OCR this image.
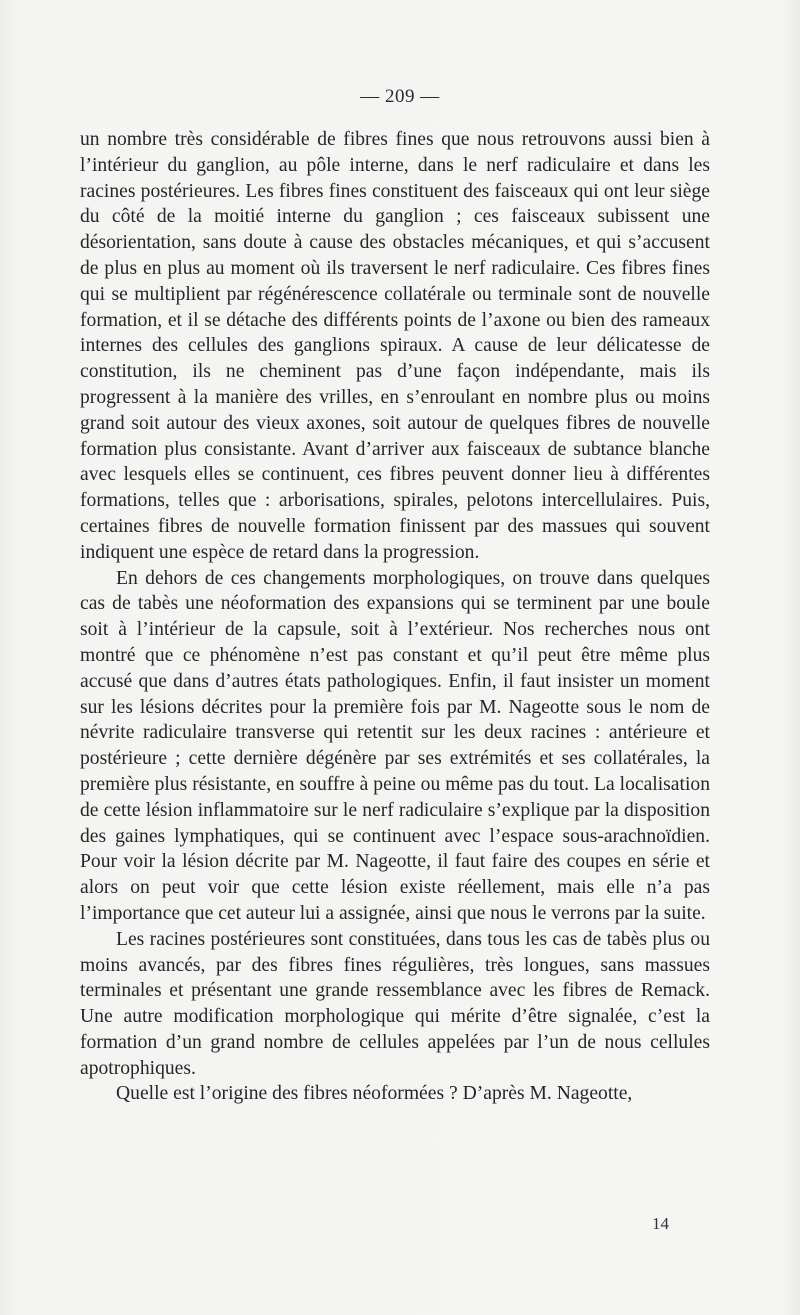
— 209 —

un nombre très considérable de fibres fines que nous retrouvons aussi bien à l’intérieur du ganglion, au pôle interne, dans le nerf radiculaire et dans les racines postérieures. Les fibres fines constituent des faisceaux qui ont leur siège du côté de la moitié interne du ganglion ; ces faisceaux subissent une désorientation, sans doute à cause des obstacles mécaniques, et qui s’accusent de plus en plus au moment où ils traversent le nerf radiculaire. Ces fibres fines qui se multiplient par régénérescence collatérale ou terminale sont de nouvelle formation, et il se détache des différents points de l’axone ou bien des rameaux internes des cellules des ganglions spiraux. A cause de leur délicatesse de constitution, ils ne cheminent pas d’une façon indépendante, mais ils progressent à la manière des vrilles, en s’enroulant en nombre plus ou moins grand soit autour des vieux axones, soit autour de quelques fibres de nouvelle formation plus consistante. Avant d’arriver aux faisceaux de subtance blanche avec lesquels elles se continuent, ces fibres peuvent donner lieu à différentes formations, telles que : arborisations, spirales, pelotons intercellulaires. Puis, certaines fibres de nouvelle formation finissent par des massues qui souvent indiquent une espèce de retard dans la progression.

En dehors de ces changements morphologiques, on trouve dans quelques cas de tabès une néoformation des expansions qui se terminent par une boule soit à l’intérieur de la capsule, soit à l’extérieur. Nos recherches nous ont montré que ce phénomène n’est pas constant et qu’il peut être même plus accusé que dans d’autres états pathologiques. Enfin, il faut insister un moment sur les lésions décrites pour la première fois par M. Nageotte sous le nom de névrite radiculaire transverse qui retentit sur les deux racines : antérieure et postérieure ; cette dernière dégénère par ses extrémités et ses collatérales, la première plus résistante, en souffre à peine ou même pas du tout. La localisation de cette lésion inflammatoire sur le nerf radiculaire s’explique par la disposition des gaines lymphatiques, qui se continuent avec l’espace sous-arachnoïdien. Pour voir la lésion décrite par M. Nageotte, il faut faire des coupes en série et alors on peut voir que cette lésion existe réellement, mais elle n’a pas l’importance que cet auteur lui a assignée, ainsi que nous le verrons par la suite.

Les racines postérieures sont constituées, dans tous les cas de tabès plus ou moins avancés, par des fibres fines régulières, très longues, sans massues terminales et présentant une grande ressemblance avec les fibres de Remack. Une autre modification morphologique qui mérite d’être signalée, c’est la formation d’un grand nombre de cellules appelées par l’un de nous cellules apotrophiques.

Quelle est l’origine des fibres néoformées ? D’après M. Nageotte,

14
